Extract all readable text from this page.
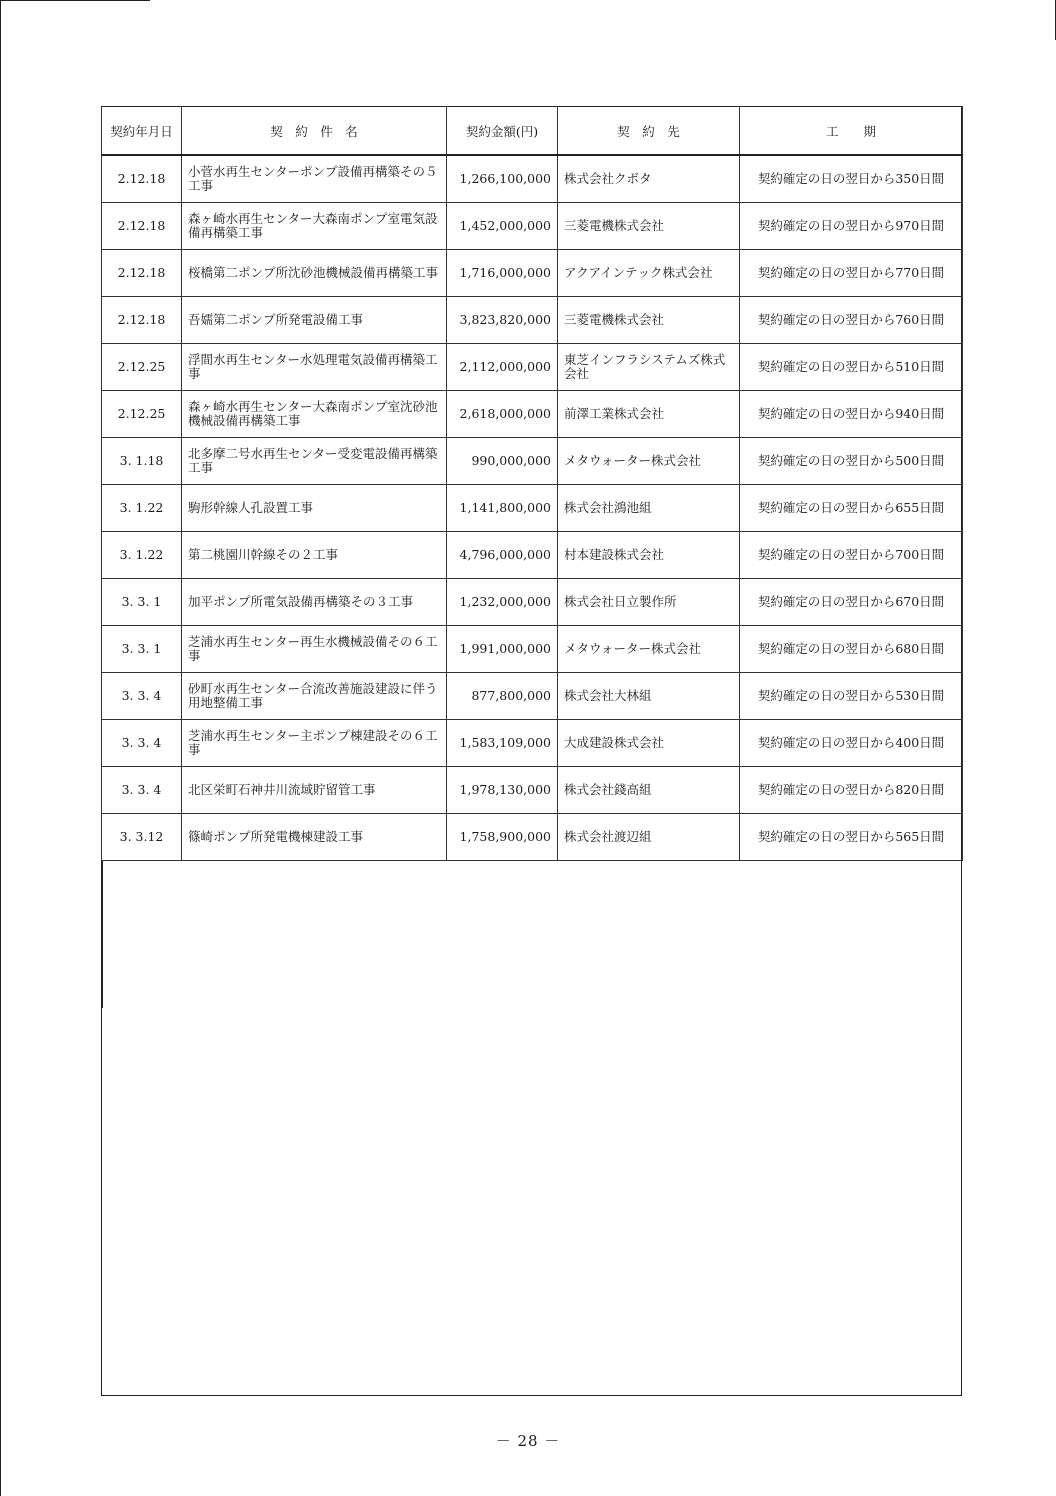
契約年月日	契　約　件　名	契約金額(円)	契　約　先	工　　期
2.12.18	小菅水再生センターポンプ設備再構築その５工事	1,266,100,000	株式会社クボタ	契約確定の日の翌日から350日間
2.12.18	森ヶ崎水再生センター大森南ポンプ室電気設備再構築工事	1,452,000,000	三菱電機株式会社	契約確定の日の翌日から970日間
2.12.18	桜橋第二ポンプ所沈砂池機械設備再構築工事	1,716,000,000	アクアインテック株式会社	契約確定の日の翌日から770日間
2.12.18	吾嬬第二ポンプ所発電設備工事	3,823,820,000	三菱電機株式会社	契約確定の日の翌日から760日間
2.12.25	浮間水再生センター水処理電気設備再構築工事	2,112,000,000	東芝インフラシステムズ株式会社	契約確定の日の翌日から510日間
2.12.25	森ヶ崎水再生センター大森南ポンプ室沈砂池機械設備再構築工事	2,618,000,000	前澤工業株式会社	契約確定の日の翌日から940日間
3. 1.18	北多摩二号水再生センター受変電設備再構築工事	990,000,000	メタウォーター株式会社	契約確定の日の翌日から500日間
3. 1.22	駒形幹線人孔設置工事	1,141,800,000	株式会社鴻池組	契約確定の日の翌日から655日間
3. 1.22	第二桃園川幹線その２工事	4,796,000,000	村本建設株式会社	契約確定の日の翌日から700日間
3. 3. 1	加平ポンプ所電気設備再構築その３工事	1,232,000,000	株式会社日立製作所	契約確定の日の翌日から670日間
3. 3. 1	芝浦水再生センター再生水機械設備その６工事	1,991,000,000	メタウォーター株式会社	契約確定の日の翌日から680日間
3. 3. 4	砂町水再生センター合流改善施設建設に伴う用地整備工事	877,800,000	株式会社大林組	契約確定の日の翌日から530日間
3. 3. 4	芝浦水再生センター主ポンプ棟建設その６工事	1,583,109,000	大成建設株式会社	契約確定の日の翌日から400日間
3. 3. 4	北区栄町石神井川流域貯留管工事	1,978,130,000	株式会社錢高組	契約確定の日の翌日から820日間
3. 3.12	篠崎ポンプ所発電機棟建設工事	1,758,900,000	株式会社渡辺組	契約確定の日の翌日から565日間
－ 28 －
